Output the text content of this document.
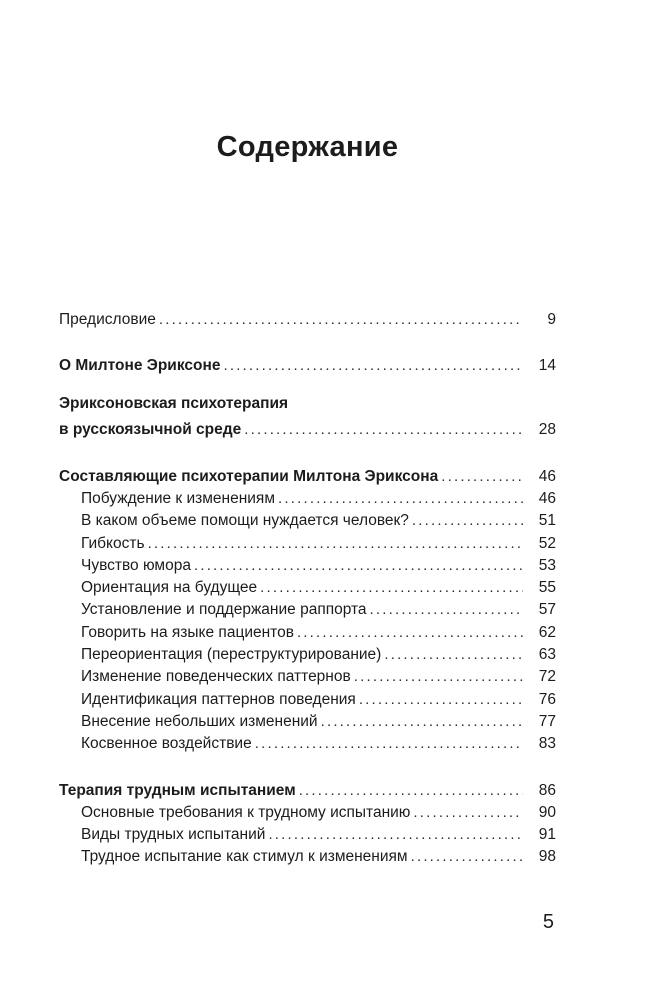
Содержание
Предисловие .....	9
О Милтоне Эриксоне .....	14
Эриксоновская психотерапия
в русскоязычной среде .....	28
Составляющие психотерапии Милтона Эриксона .....	46
Побуждение к изменениям .....	46
В каком объеме помощи нуждается человек? .....	51
Гибкость .....	52
Чувство юмора .....	53
Ориентация на будущее .....	55
Установление и поддержание раппорта .....	57
Говорить на языке пациентов .....	62
Переориентация (переструктурирование) .....	63
Изменение поведенческих паттернов .....	72
Идентификация паттернов поведения .....	76
Внесение небольших изменений .....	77
Косвенное воздействие .....	83
Терапия трудным испытанием .....	86
Основные требования к трудному испытанию .....	90
Виды трудных испытаний .....	91
Трудное испытание как стимул к изменениям .....	98
5
